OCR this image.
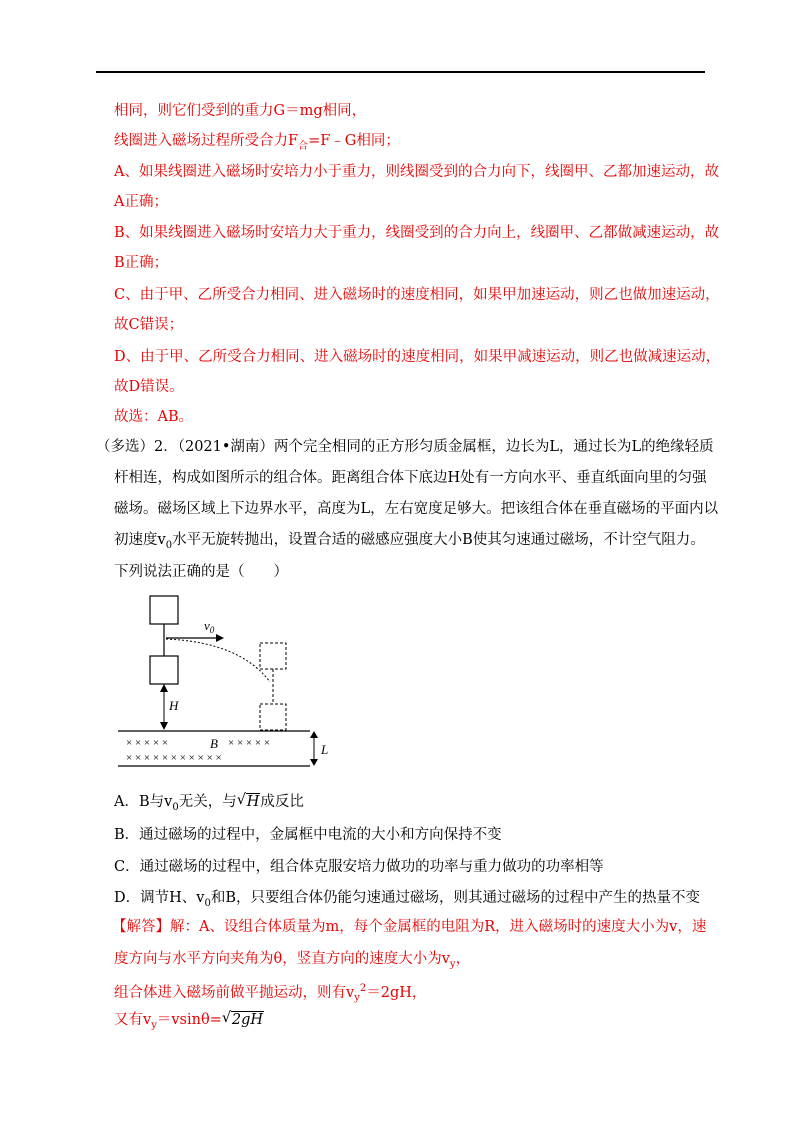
相同，则它们受到的重力G＝mg相同，
线圈进入磁场过程所受合力$F_合=F﹣G$相同；
A、如果线圈进入磁场时安培力小于重力，则线圈受到的合力向下，线圈甲、乙都加速运动，故
A正确；
B、如果线圈进入磁场时安培力大于重力，线圈受到的合力向上，线圈甲、乙都做减速运动，故
B正确；
C、由于甲、乙所受合力相同、进入磁场时的速度相同，如果甲加速运动，则乙也做加速运动，
故C错误；
D、由于甲、乙所受合力相同、进入磁场时的速度相同，如果甲减速运动，则乙也做减速运动，
故D错误。
故选：AB。
（多选）2．（2021•湖南）两个完全相同的正方形匀质金属框，边长为L，通过长为L的绝缘轻质
杆相连，构成如图所示的组合体。距离组合体下底边H处有一方向水平、垂直纸面向里的匀强
磁场。磁场区域上下边界水平，高度为L，左右宽度足够大。把该组合体在垂直磁场的平面内以
初速度$v_0$水平无旋转抛出，设置合适的磁感应强度大小B使其匀速通过磁场，不计空气阻力。
下列说法正确的是（　　）
$v_0$
H
× × × × ×	× × × × ×
× × × × × × × × × × ×
B	L
A．B与$v_0$无关，与 √ H成反比
B．通过磁场的过程中，金属框中电流的大小和方向保持不变
C．通过磁场的过程中，组合体克服安培力做功的功率与重力做功的功率相等
D．调节H、$v_0$和B，只要组合体仍能匀速通过磁场，则其通过磁场的过程中产生的热量不变
【解答】解：A、设组合体质量为m，每个金属框的电阻为R，进入磁场时的速度大小为v，速
度方向与水平方向夹角为θ，竖直方向的速度大小为$v_y$，
组合体进入磁场前做平抛运动，则有$v_y^2=2gH$，
又有$v_y=vsin\theta=$ √ 2gH
